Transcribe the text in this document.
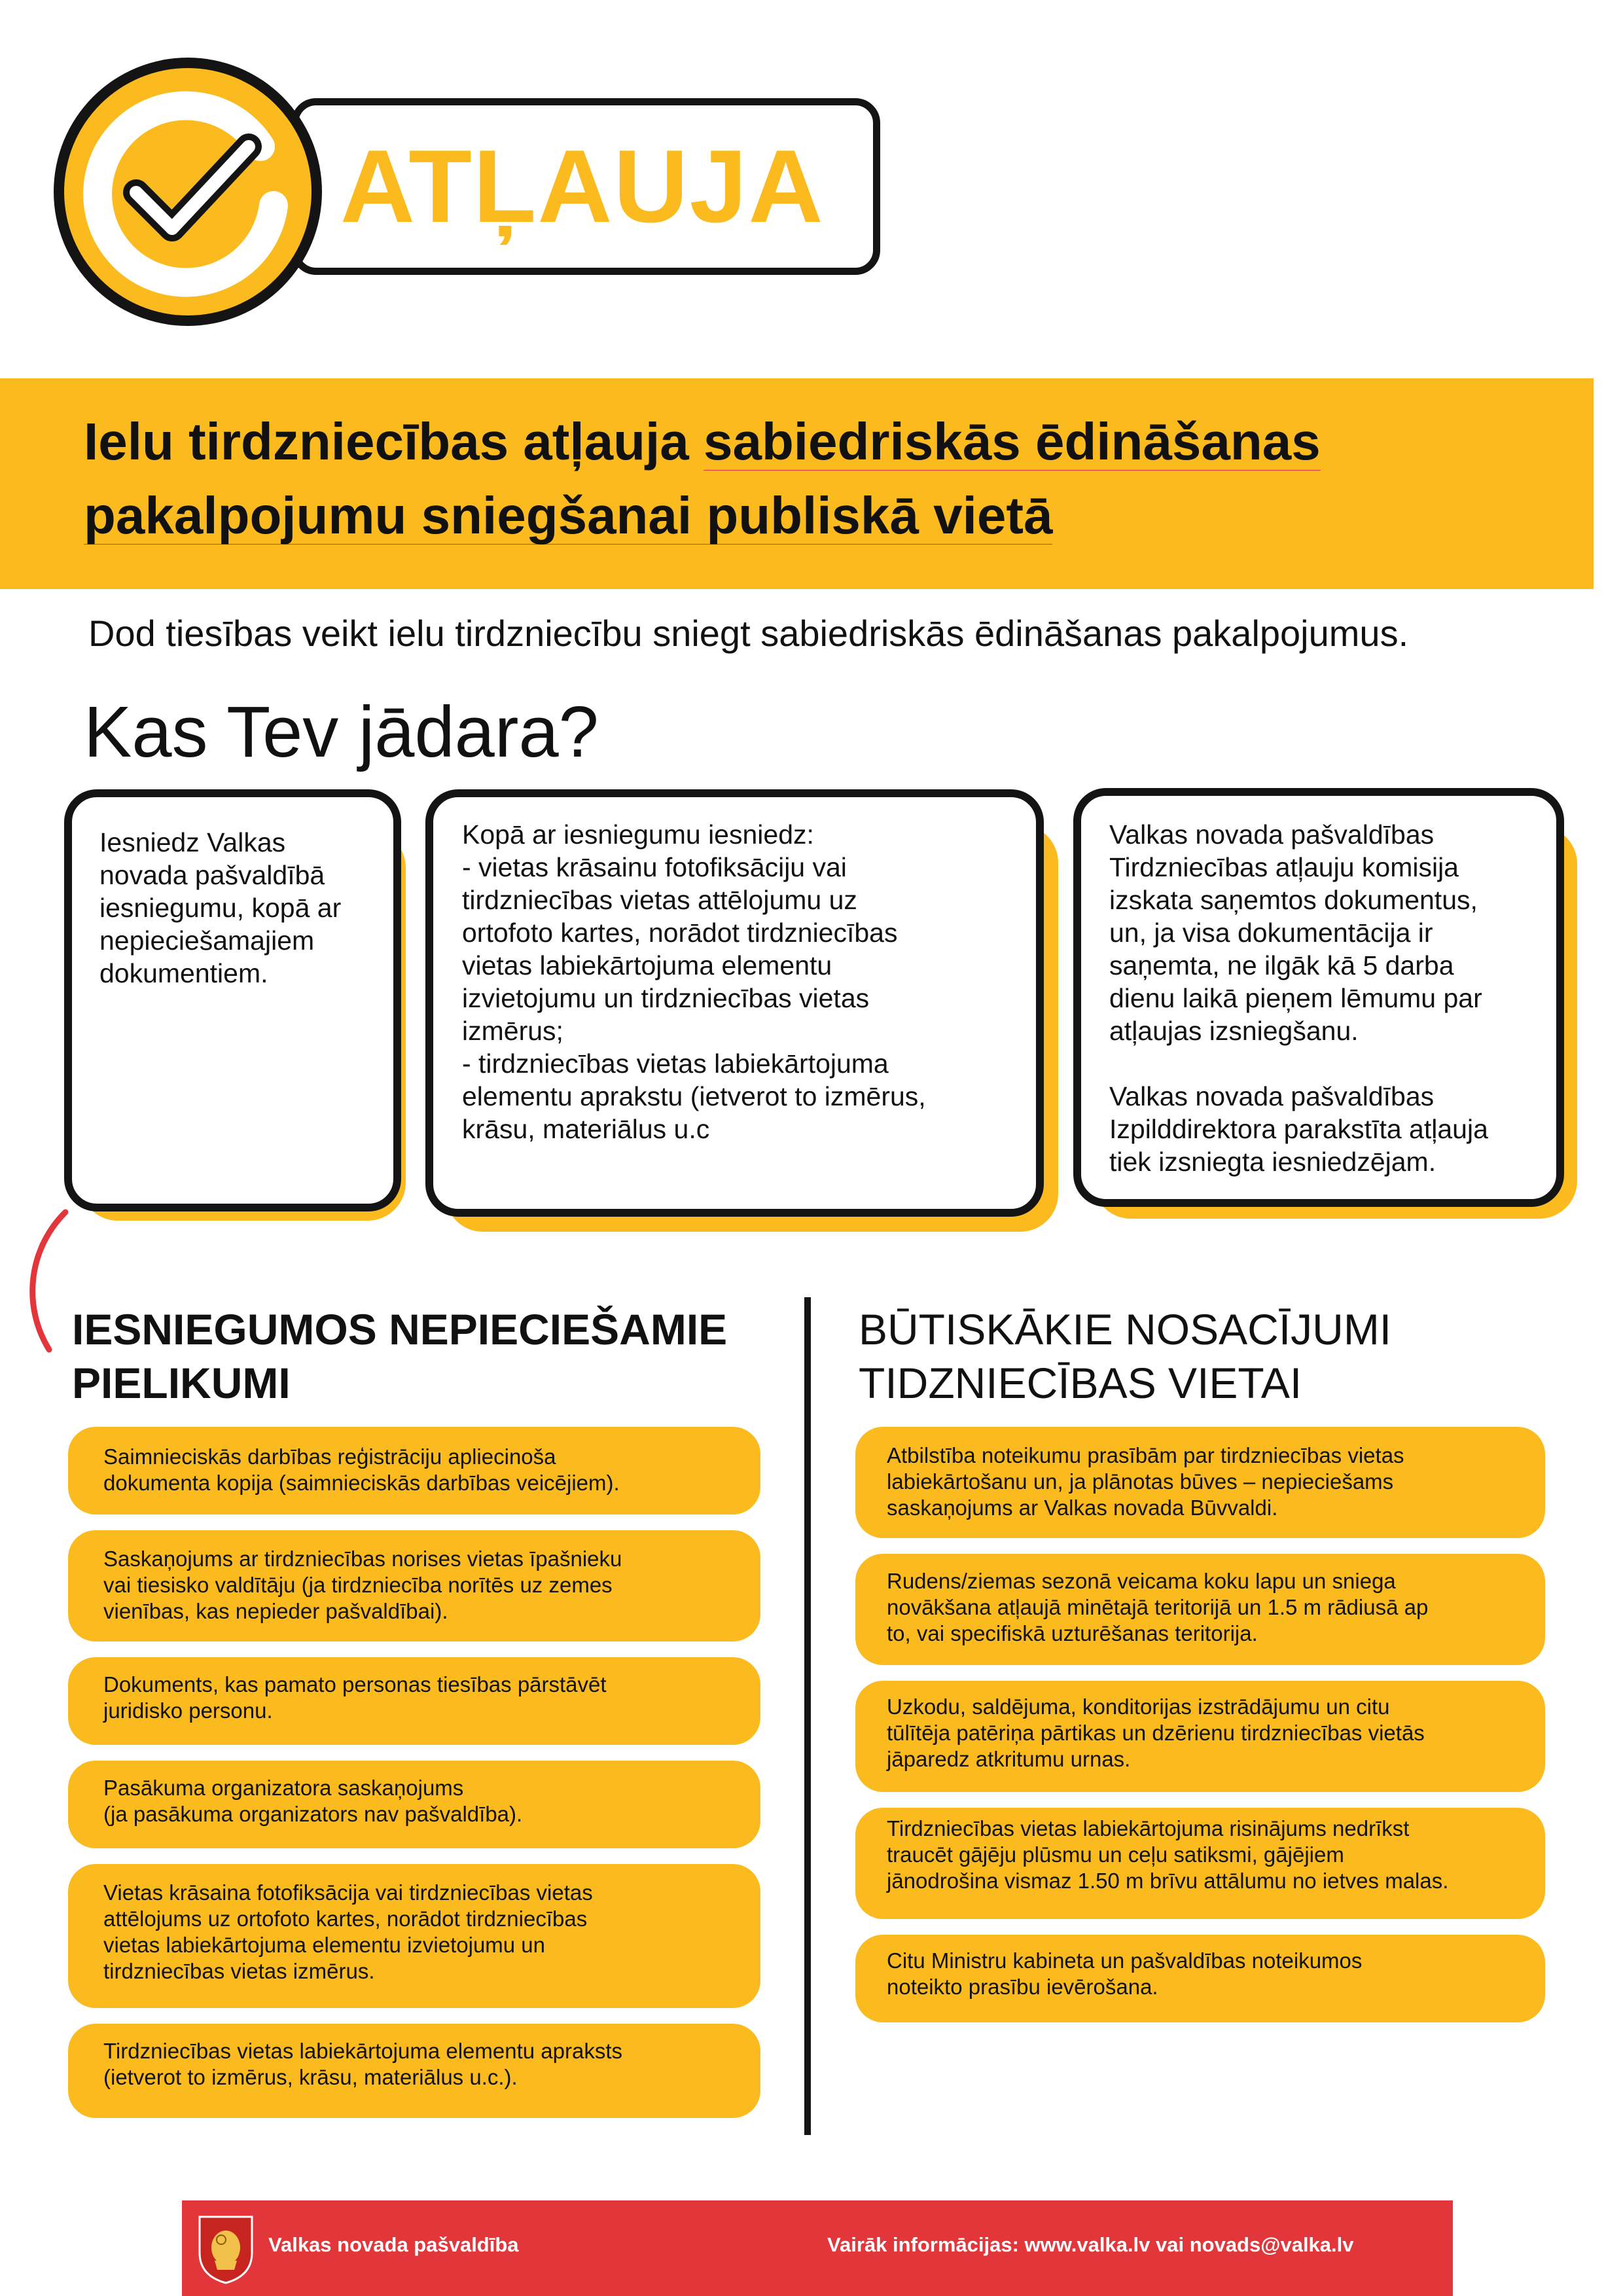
ATĻAUJA
Ielu tirdzniecības atļauja sabiedriskās ēdināšanas
pakalpojumu sniegšanai publiskā vietā
Dod tiesības veikt ielu tirdzniecību sniegt sabiedriskās ēdināšanas pakalpojumus.
Kas Tev jādara?
Iesniedz Valkas
novada pašvaldībā
iesniegumu, kopā ar
nepieciešamajiem
dokumentiem.
Kopā ar iesniegumu iesniedz:
- vietas krāsainu fotofiksāciju vai
tirdzniecības vietas attēlojumu uz
ortofoto kartes, norādot tirdzniecības
vietas labiekārtojuma elementu
izvietojumu un tirdzniecības vietas
izmērus;
- tirdzniecības vietas labiekārtojuma
elementu aprakstu (ietverot to izmērus,
krāsu, materiālus u.c
Valkas novada pašvaldības
Tirdzniecības atļauju komisija
izskata saņemtos dokumentus,
un, ja visa dokumentācija ir
saņemta, ne ilgāk kā 5 darba
dienu laikā pieņem lēmumu par
atļaujas izsniegšanu.

Valkas novada pašvaldības
Izpilddirektora parakstīta atļauja
tiek izsniegta iesniedzējam.
IESNIEGUMOS NEPIECIEŠAMIE
PIELIKUMI
Saimnieciskās darbības reģistrāciju apliecinoša
dokumenta kopija (saimnieciskās darbības veicējiem).
Saskaņojums ar tirdzniecības norises vietas īpašnieku
vai tiesisko valdītāju (ja tirdzniecība norītēs uz zemes
vienības, kas nepieder pašvaldībai).
Dokuments, kas pamato personas tiesības pārstāvēt
juridisko personu.
Pasākuma organizatora saskaņojums
(ja pasākuma organizators nav pašvaldība).
Vietas krāsaina fotofiksācija vai tirdzniecības vietas
attēlojums uz ortofoto kartes, norādot tirdzniecības
vietas labiekārtojuma elementu izvietojumu un
tirdzniecības vietas izmērus.
Tirdzniecības vietas labiekārtojuma elementu apraksts
(ietverot to izmērus, krāsu, materiālus u.c.).
BŪTISKĀKIE NOSACĪJUMI
TIDZNIECĪBAS VIETAI
Atbilstība noteikumu prasībām par tirdzniecības vietas
labiekārtošanu un, ja plānotas būves – nepieciešams
saskaņojums ar Valkas novada Būvvaldi.
Rudens/ziemas sezonā veicama koku lapu un sniega
novākšana atļaujā minētajā teritorijā un 1.5 m rādiusā ap
to, vai specifiskā uzturēšanas teritorija.
Uzkodu, saldējuma, konditorijas izstrādājumu un citu
tūlītēja patēriņa pārtikas un dzērienu tirdzniecības vietās
jāparedz atkritumu urnas.
Tirdzniecības vietas labiekārtojuma risinājums nedrīkst
traucēt gājēju plūsmu un ceļu satiksmi, gājējiem
jānodrošina vismaz 1.50 m brīvu attālumu no ietves malas.
Citu Ministru kabineta un pašvaldības noteikumos
noteikto prasību ievērošana.
Valkas novada pašvaldība	Vairāk informācijas: www.valka.lv vai novads@valka.lv
